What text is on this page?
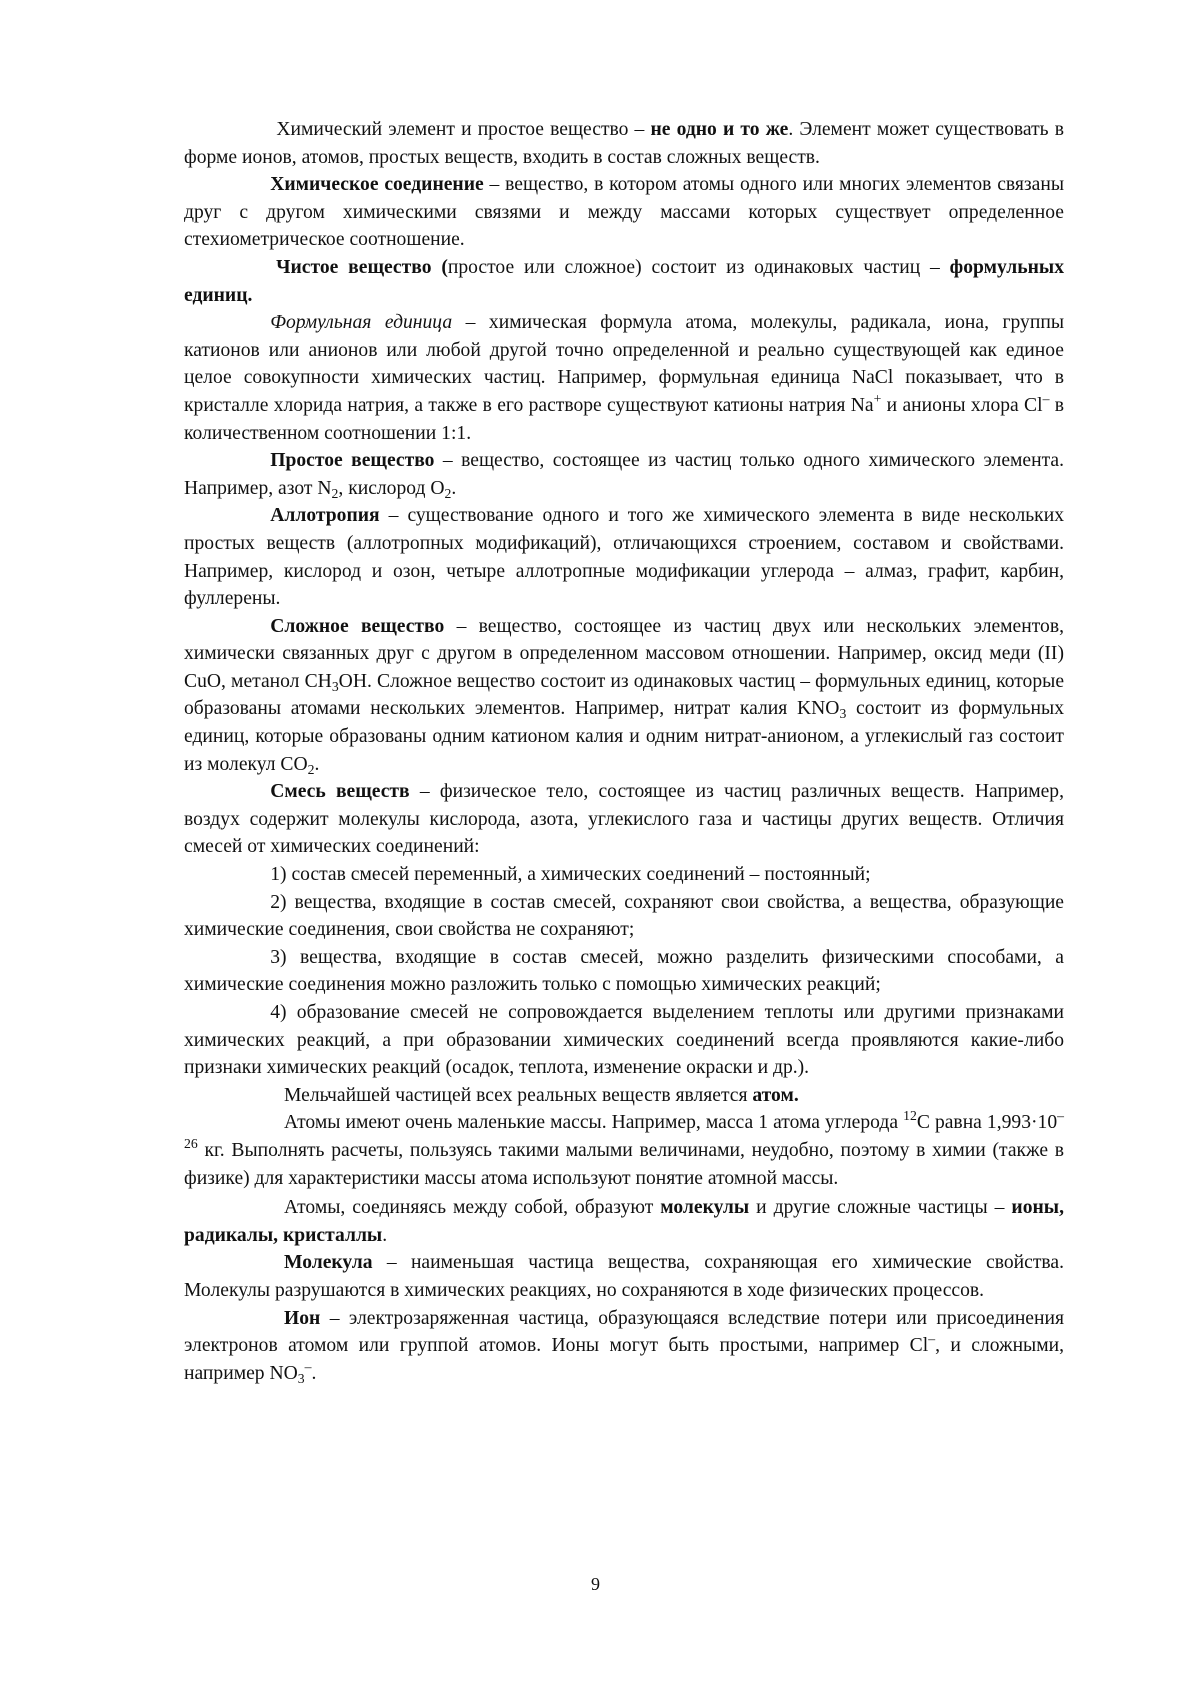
Химический элемент и простое вещество – не одно и то же. Элемент может существовать в форме ионов, атомов, простых веществ, входить в состав сложных веществ.

Химическое соединение – вещество, в котором атомы одного или многих элементов связаны друг с другом химическими связями и между массами которых существует определенное стехиометрическое соотношение.

Чистое вещество (простое или сложное) состоит из одинаковых частиц – формульных единиц.

Формульная единица – химическая формула атома, молекулы, радикала, иона, группы катионов или анионов или любой другой точно определенной и реально существующей как единое целое совокупности химических частиц. Например, формульная единица NaCl показывает, что в кристалле хлорида натрия, а также в его растворе существуют катионы натрия Na+ и анионы хлора Cl– в количественном соотношении 1:1.

Простое вещество – вещество, состоящее из частиц только одного химического элемента. Например, азот $N_2$, кислород $O_2$.

Аллотропия – существование одного и того же химического элемента в виде нескольких простых веществ (аллотропных модификаций), отличающихся строением, составом и свойствами. Например, кислород и озон, четыре аллотропные модификации углерода – алмаз, графит, карбин, фуллерены.

Сложное вещество – вещество, состоящее из частиц двух или нескольких элементов, химически связанных друг с другом в определенном массовом отношении. Например, оксид меди (II) CuO, метанол $CH_3OH$. Сложное вещество состоит из одинаковых частиц – формульных единиц, которые образованы атомами нескольких элементов. Например, нитрат калия $KNO_3$ состоит из формульных единиц, которые образованы одним катионом калия и одним нитрат-анионом, а углекислый газ состоит из молекул $CO_2$.

Смесь веществ – физическое тело, состоящее из частиц различных веществ. Например, воздух содержит молекулы кислорода, азота, углекислого газа и частицы других веществ. Отличия смесей от химических соединений:

1) состав смесей переменный, а химических соединений – постоянный;

2) вещества, входящие в состав смесей, сохраняют свои свойства, а вещества, образующие химические соединения, свои свойства не сохраняют;

3) вещества, входящие в состав смесей, можно разделить физическими способами, а химические соединения можно разложить только с помощью химических реакций;

4) образование смесей не сопровождается выделением теплоты или другими признаками химических реакций, а при образовании химических соединений всегда проявляются какие-либо признаки химических реакций (осадок, теплота, изменение окраски и др.).

Мельчайшей частицей всех реальных веществ является атом.

Атомы имеют очень маленькие массы. Например, масса 1 атома углерода $^{12}$C равна $1,993\cdot 10^{-26}$ кг. Выполнять расчеты, пользуясь такими малыми величинами, неудобно, поэтому в химии (также в физике) для характеристики массы атома используют понятие атомной массы.

Атомы, соединяясь между собой, образуют молекулы и другие сложные частицы – ионы, радикалы, кристаллы.

Молекула – наименьшая частица вещества, сохраняющая его химические свойства. Молекулы разрушаются в химических реакциях, но сохраняются в ходе физических процессов.

Ион – электрозаряженная частица, образующаяся вследствие потери или присоединения электронов атомом или группой атомов. Ионы могут быть простыми, например Cl–, и сложными, например $NO_3^-$.

9
